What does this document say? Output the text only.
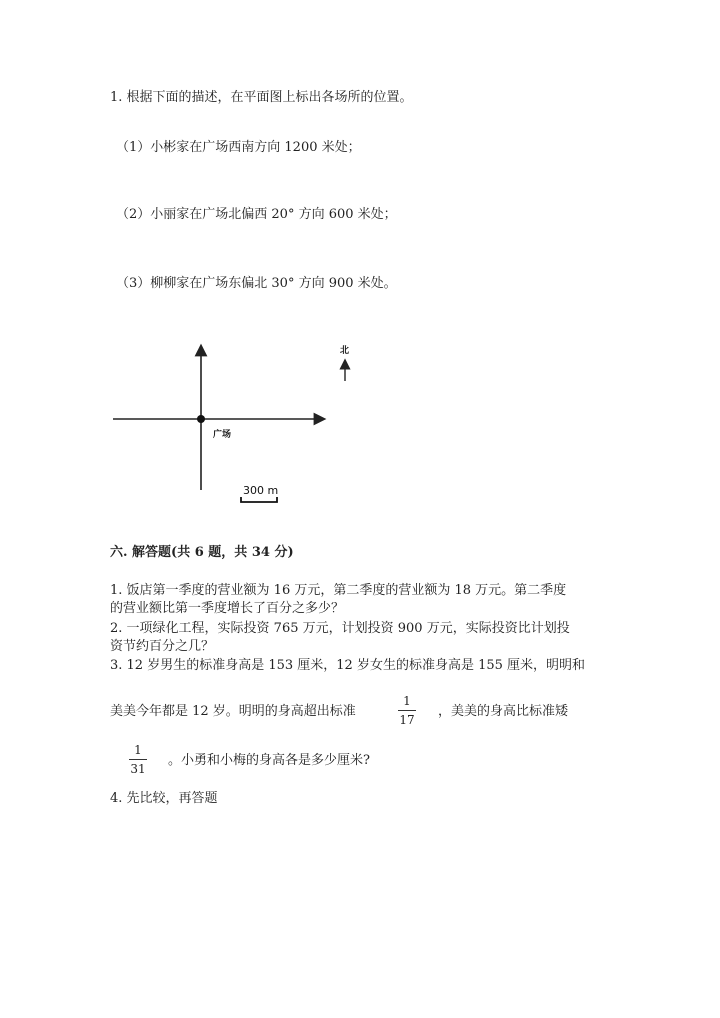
1. 根据下面的描述，在平面图上标出各场所的位置。
（1）小彬家在广场西南方向 1200 米处；
（2）小丽家在广场北偏西 20° 方向 600 米处；
（3）柳柳家在广场东偏北 30° 方向 900 米处。
广场
北
300 m
六. 解答题(共 6 题，共 34 分)
1. 饭店第一季度的营业额为 16 万元，第二季度的营业额为 18 万元。第二季度
的营业额比第一季度增长了百分之多少？
2. 一项绿化工程，实际投资 765 万元，计划投资 900 万元，实际投资比计划投
资节约百分之几？
3. 12 岁男生的标准身高是 153 厘米，12 岁女生的标准身高是 155 厘米，明明和
美美今年都是 12 岁。明明的身高超出标准
1
17
，美美的身高比标准矮
1
31
。小勇和小梅的身高各是多少厘米?
4. 先比较，再答题
